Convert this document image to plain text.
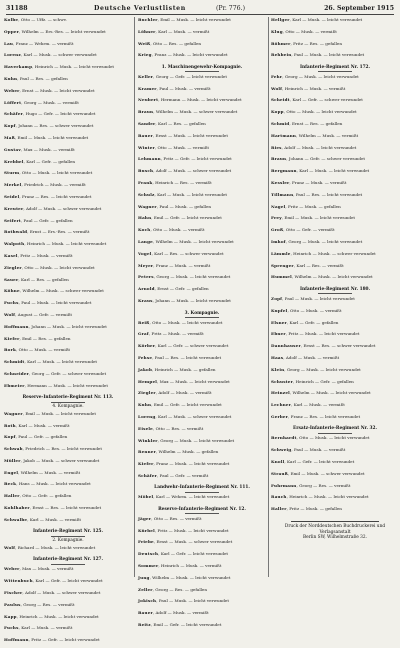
31188	Deutsche Verlustlisten	(Pr. 776.)	26. September 1915
Kolbe, Otto — Uffz. — schwv.
Opper, Wilhelm — Ers.-Res. — leicht verwundet
Lau, Franz — Wehrm. — vermißt
Lorenz, Karl — Musk. — schwer verwundet
Haverkamp, Heinrich — Musk. — leicht verwundet
Kuhn, Paul — Res. — gefallen
Weber, Ernst — Musk. — leicht verwundet
Löffert, Georg — Musk. — vermißt
Schäfer, Hugo — Gefr. — leicht verwundet
Kopf, Johann — Res. — schwer verwundet
Maß, Emil — Musk. — leicht verwundet
Gustav, Max — Musk. — vermißt
Krebbel, Karl — Gefr. — gefallen
Sturm, Otto — Musk. — leicht verwundet
Merkel, Friedrich — Musk. — vermißt
Seidel, Franz — Res. — leicht verwundet
Kreuter, Adolf — Musk. — schwer verwundet
Seifert, Paul — Gefr. — gefallen
Rothwald, Ernst — Ers.-Res. — vermißt
Walpoth, Heinrich — Musk. — leicht verwundet
Kasel, Fritz — Musk. — vermißt
Ziegler, Otto — Musk. — leicht verwundet
Sauer, Karl — Res. — gefallen
Köhne, Wilhelm — Musk. — schwer verwundet
Fuchs, Paul — Musk. — leicht verwundet
Wolf, August — Gefr. — vermißt
Hoffmann, Johann — Musk. — leicht verwundet
Kiefer, Emil — Res. — gefallen
Bork, Otto — Musk. — vermißt
Schmidt, Karl — Musk. — leicht verwundet
Schneider, Georg — Gefr. — schwer verwundet
Ebmeier, Hermann — Musk. — leicht verwundet
Reserve-Infanterie-Regiment Nr. 113.
4. Kompagnie.
Wagner, Emil — Musk. — leicht verwundet
Roth, Karl — Musk. — vermißt
Kopf, Paul — Gefr. — gefallen
Schwab, Friedrich — Res. — leicht verwundet
Müller, Jakob — Musk. — schwer verwundet
Engel, Wilhelm — Musk. — vermißt
Beck, Hans — Musk. — leicht verwundet
Haller, Otto — Gefr. — gefallen
Kohlhaber, Ernst — Res. — leicht verwundet
Schwalbe, Karl — Musk. — vermißt
Infanterie-Regiment Nr. 125.
2. Kompagnie.
Wolf, Richard — Musk. — leicht verwundet
Infanterie-Regiment Nr. 127.
Weber, Max — Musk. — vermißt
Wittenbuch, Karl — Gefr. — leicht verwundet
Fischer, Adolf — Musk. — schwer verwundet
Paulus, Georg — Res. — vermißt
Kapp, Heinrich — Musk. — leicht verwundet
Fuchs, Karl — Musk. — vermißt
Hoffmann, Fritz — Gefr. — leicht verwundet
Buchler, Emil — Musk. — leicht verwundet
Löhner, Karl — Musk. — vermißt
Weiß, Otto — Res. — gefallen
Krieg, Franz — Musk. — leicht verwundet
1. Maschinengewehr-Kompagnie.
Keller, Georg — Gefr. — leicht verwundet
Kramer, Paul — Musk. — vermißt
Neubert, Hermann — Musk. — leicht verwundet
Braun, Wilhelm — Musk. — schwer verwundet
Sander, Karl — Res. — gefallen
Bauer, Ernst — Musk. — leicht verwundet
Winter, Otto — Musk. — vermißt
Lehmann, Fritz — Gefr. — leicht verwundet
Busch, Adolf — Musk. — schwer verwundet
Frank, Heinrich — Res. — vermißt
Schulz, Karl — Musk. — leicht verwundet
Wagner, Paul — Musk. — gefallen
Hahn, Emil — Gefr. — leicht verwundet
Koch, Otto — Musk. — vermißt
Lange, Wilhelm — Musk. — leicht verwundet
Vogel, Karl — Res. — schwer verwundet
Meyer, Franz — Musk. — vermißt
Peters, Georg — Musk. — leicht verwundet
Arnold, Ernst — Gefr. — gefallen
Kraus, Johann — Musk. — leicht verwundet
3. Kompagnie.
Reiß, Otto — Musk. — leicht verwundet
Graf, Fritz — Musk. — vermißt
Körber, Karl — Gefr. — schwer verwundet
Fehse, Paul — Res. — leicht verwundet
Jakob, Heinrich — Musk. — gefallen
Hempel, Max — Musk. — leicht verwundet
Ziegler, Adolf — Musk. — vermißt
Kuhn, Emil — Gefr. — leicht verwundet
Loreng, Karl — Musk. — schwer verwundet
Eisele, Otto — Res. — vermißt
Winkler, Georg — Musk. — leicht verwundet
Renner, Wilhelm — Musk. — gefallen
Kiefer, Franz — Musk. — leicht verwundet
Schäfer, Paul — Gefr. — vermißt
Landwehr-Infanterie-Regiment Nr. 111.
Möbel, Karl — Wehrm. — leicht verwundet
Reserve-Infanterie-Regiment Nr. 12.
Jäger, Otto — Res. — vermißt
Kürbel, Fritz — Musk. — leicht verwundet
Friebe, Ernst — Musk. — schwer verwundet
Deutsch, Karl — Gefr. — leicht verwundet
Sommer, Heinrich — Musk. — vermißt
Jung, Wilhelm — Musk. — leicht verwundet
Zeller, Georg — Res. — gefallen
Jokisch, Paul — Musk. — leicht verwundet
Bauer, Adolf — Musk. — vermißt
Reitz, Emil — Gefr. — leicht verwundet
Hellger, Karl — Musk. — leicht verwundet
Klug, Otto — Musk. — vermißt
Böhmer, Fritz — Res. — gefallen
Rehbein, Paul — Musk. — leicht verwundet
Infanterie-Regiment Nr. 172.
Fehr, Georg — Musk. — leicht verwundet
Wolf, Heinrich — Musk. — vermißt
Scheidt, Karl — Gefr. — schwer verwundet
Kopp, Otto — Musk. — leicht verwundet
Schmid, Ernst — Res. — gefallen
Hartmann, Wilhelm — Musk. — vermißt
Ries, Adolf — Musk. — leicht verwundet
Braun, Johann — Gefr. — schwer verwundet
Bergmann, Karl — Musk. — leicht verwundet
Kessler, Franz — Musk. — vermißt
Tillmann, Paul — Res. — leicht verwundet
Nagel, Fritz — Musk. — gefallen
Frey, Emil — Musk. — leicht verwundet
Groß, Otto — Gefr. — vermißt
Imhof, Georg — Musk. — leicht verwundet
Lämmle, Heinrich — Musk. — schwer verwundet
Sprenger, Karl — Res. — vermißt
Hummel, Wilhelm — Musk. — leicht verwundet
Infanterie-Regiment Nr. 180.
Zopf, Paul — Musk. — leicht verwundet
Kupfel, Otto — Musk. — vermißt
Elsner, Karl — Gefr. — gefallen
Ebner, Fritz — Musk. — leicht verwundet
Dannhauser, Ernst — Res. — schwer verwundet
Haas, Adolf — Musk. — vermißt
Klein, Georg — Musk. — leicht verwundet
Schuster, Heinrich — Gefr. — gefallen
Heinzel, Wilhelm — Musk. — leicht verwundet
Lechner, Karl — Musk. — vermißt
Gerber, Franz — Res. — leicht verwundet
Ersatz-Infanterie-Regiment Nr. 32.
Bernhardt, Otto — Musk. — leicht verwundet
Schweig, Paul — Musk. — vermißt
Knoll, Karl — Gefr. — leicht verwundet
Strauß, Emil — Musk. — schwer verwundet
Fuhrmann, Georg — Res. — vermißt
Rauch, Heinrich — Musk. — leicht verwundet
Haller, Fritz — Musk. — gefallen
Druck der Norddeutschen Buchdruckerei und Verlagsanstalt
Berlin SW, Wilhelmstraße 32.
